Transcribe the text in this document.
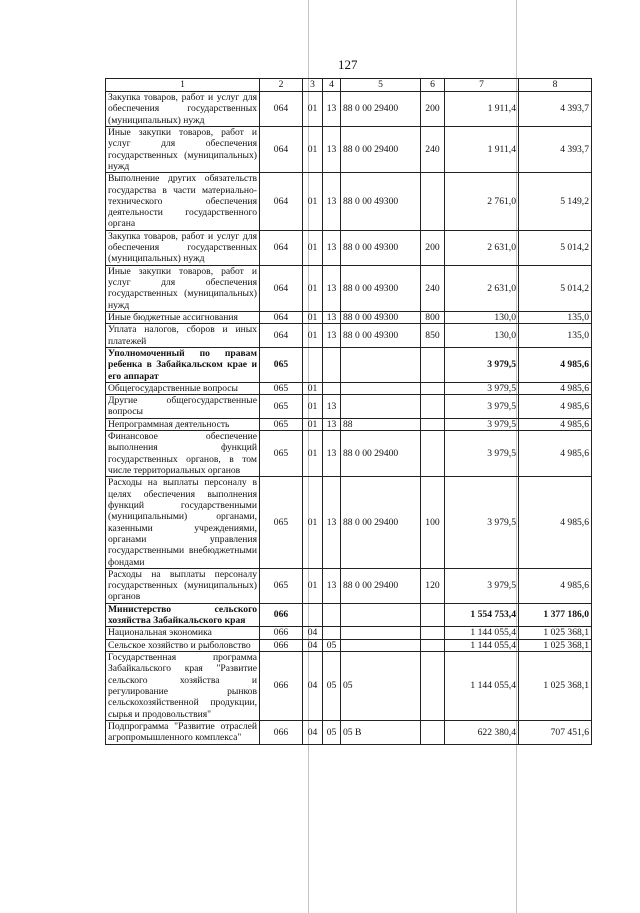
127
1	2	3	4	5	6	7	8
Закупка товаров, работ и услуг для обеспечения государственных (муниципальных) нужд	064	01	13	88 0 00 29400	200	1 911,4	4 393,7
Иные закупки товаров, работ и услуг для обеспечения государственных (муниципальных) нужд	064	01	13	88 0 00 29400	240	1 911,4	4 393,7
Выполнение других обязательств государства в части материально-технического обеспечения деятельности государственного органа	064	01	13	88 0 00 49300		2 761,0	5 149,2
Закупка товаров, работ и услуг для обеспечения государственных (муниципальных) нужд	064	01	13	88 0 00 49300	200	2 631,0	5 014,2
Иные закупки товаров, работ и услуг для обеспечения государственных (муниципальных) нужд	064	01	13	88 0 00 49300	240	2 631,0	5 014,2
Иные бюджетные ассигнования	064	01	13	88 0 00 49300	800	130,0	135,0
Уплата налогов, сборов и иных платежей	064	01	13	88 0 00 49300	850	130,0	135,0
Уполномоченный по правам ребенка в Забайкальском крае и его аппарат	065					3 979,5	4 985,6
Общегосударственные вопросы	065	01				3 979,5	4 985,6
Другие общегосударственные вопросы	065	01	13			3 979,5	4 985,6
Непрограммная деятельность	065	01	13	88		3 979,5	4 985,6
Финансовое обеспечение выполнения функций государственных органов, в том числе территориальных органов	065	01	13	88 0 00 29400		3 979,5	4 985,6
Расходы на выплаты персоналу в целях обеспечения выполнения функций государственными (муниципальными) органами, казенными учреждениями, органами управления государственными внебюджетными фондами	065	01	13	88 0 00 29400	100	3 979,5	4 985,6
Расходы на выплаты персоналу государственных (муниципальных) органов	065	01	13	88 0 00 29400	120	3 979,5	4 985,6
Министерство сельского хозяйства Забайкальского края	066					1 554 753,4	1 377 186,0
Национальная экономика	066	04				1 144 055,4	1 025 368,1
Сельское хозяйство и рыболовство	066	04	05			1 144 055,4	1 025 368,1
Государственная программа Забайкальского края "Развитие сельского хозяйства и регулирование рынков сельскохозяйственной продукции, сырья и продовольствия"	066	04	05	05		1 144 055,4	1 025 368,1
Подпрограмма "Развитие отраслей агропромышленного комплекса"	066	04	05	05 В		622 380,4	707 451,6
